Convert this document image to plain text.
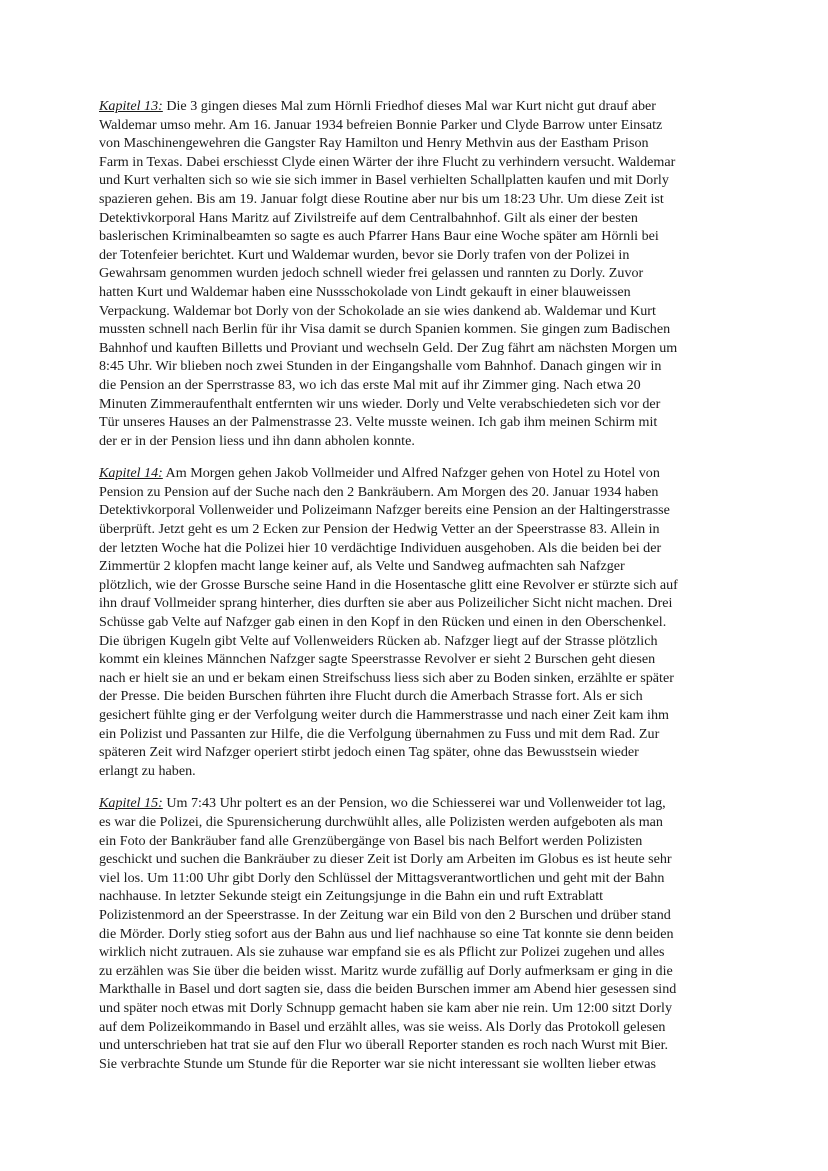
Kapitel 13: Die 3 gingen dieses Mal zum Hörnli Friedhof dieses Mal war Kurt nicht gut drauf aber
Waldemar umso mehr. Am 16. Januar 1934 befreien Bonnie Parker und Clyde Barrow unter Einsatz
von Maschinengewehren die Gangster Ray Hamilton und Henry Methvin aus der Eastham Prison
Farm in Texas. Dabei erschiesst Clyde einen Wärter der ihre Flucht zu verhindern versucht. Waldemar
und Kurt verhalten sich so wie sie sich immer in Basel verhielten Schallplatten kaufen und mit Dorly
spazieren gehen. Bis am 19. Januar folgt diese Routine aber nur bis um 18:23 Uhr. Um diese Zeit ist
Detektivkorporal Hans Maritz auf Zivilstreife auf dem Centralbahnhof. Gilt als einer der besten
baslerischen Kriminalbeamten so sagte es auch Pfarrer Hans Baur eine Woche später am Hörnli bei
der Totenfeier berichtet. Kurt und Waldemar wurden, bevor sie Dorly trafen von der Polizei in
Gewahrsam genommen wurden jedoch schnell wieder frei gelassen und rannten zu Dorly. Zuvor
hatten Kurt und Waldemar haben eine Nussschokolade von Lindt gekauft in einer blauweissen
Verpackung. Waldemar bot Dorly von der Schokolade an sie wies dankend ab. Waldemar und Kurt
mussten schnell nach Berlin für ihr Visa damit se durch Spanien kommen. Sie gingen zum Badischen
Bahnhof und kauften Billetts und Proviant und wechseln Geld. Der Zug fährt am nächsten Morgen um
8:45 Uhr. Wir blieben noch zwei Stunden in der Eingangshalle vom Bahnhof. Danach gingen wir in
die Pension an der Sperrstrasse 83, wo ich das erste Mal mit auf ihr Zimmer ging. Nach etwa 20
Minuten Zimmeraufenthalt entfernten wir uns wieder. Dorly und Velte verabschiedeten sich vor der
Tür unseres Hauses an der Palmenstrasse 23. Velte musste weinen. Ich gab ihm meinen Schirm mit
der er in der Pension liess und ihn dann abholen konnte.
Kapitel 14: Am Morgen gehen Jakob Vollmeider und Alfred Nafzger gehen von Hotel zu Hotel von
Pension zu Pension auf der Suche nach den 2 Bankräubern. Am Morgen des 20. Januar 1934 haben
Detektivkorporal Vollenweider und Polizeimann Nafzger bereits eine Pension an der Haltingerstrasse
überprüft. Jetzt geht es um 2 Ecken zur Pension der Hedwig Vetter an der Speerstrasse 83. Allein in
der letzten Woche hat die Polizei hier 10 verdächtige Individuen ausgehoben. Als die beiden bei der
Zimmertür 2 klopfen macht lange keiner auf, als Velte und Sandweg aufmachten sah Nafzger
plötzlich, wie der Grosse Bursche seine Hand in die Hosentasche glitt eine Revolver er stürzte sich auf
ihn drauf Vollmeider sprang hinterher, dies durften sie aber aus Polizeilicher Sicht nicht machen. Drei
Schüsse gab Velte auf Nafzger gab einen in den Kopf in den Rücken und einen in den Oberschenkel.
Die übrigen Kugeln gibt Velte auf Vollenweiders Rücken ab. Nafzger liegt auf der Strasse plötzlich
kommt ein kleines Männchen Nafzger sagte Speerstrasse Revolver er sieht 2 Burschen geht diesen
nach er hielt sie an und er bekam einen Streifschuss liess sich aber zu Boden sinken, erzählte er später
der Presse. Die beiden Burschen führten ihre Flucht durch die Amerbach Strasse fort. Als er sich
gesichert fühlte ging er der Verfolgung weiter durch die Hammerstrasse und nach einer Zeit kam ihm
ein Polizist und Passanten zur Hilfe, die die Verfolgung übernahmen zu Fuss und mit dem Rad. Zur
späteren Zeit wird Nafzger operiert stirbt jedoch einen Tag später, ohne das Bewusstsein wieder
erlangt zu haben.
Kapitel 15: Um 7:43 Uhr poltert es an der Pension, wo die Schiesserei war und Vollenweider tot lag,
es war die Polizei, die Spurensicherung durchwühlt alles, alle Polizisten werden aufgeboten als man
ein Foto der Bankräuber fand alle Grenzübergänge von Basel bis nach Belfort werden Polizisten
geschickt und suchen die Bankräuber zu dieser Zeit ist Dorly am Arbeiten im Globus es ist heute sehr
viel los. Um 11:00 Uhr gibt Dorly den Schlüssel der Mittagsverantwortlichen und geht mit der Bahn
nachhause. In letzter Sekunde steigt ein Zeitungsjunge in die Bahn ein und ruft Extrablatt
Polizistenmord an der Speerstrasse. In der Zeitung war ein Bild von den 2 Burschen und drüber stand
die Mörder. Dorly stieg sofort aus der Bahn aus und lief nachhause so eine Tat konnte sie denn beiden
wirklich nicht zutrauen. Als sie zuhause war empfand sie es als Pflicht zur Polizei zugehen und alles
zu erzählen was Sie über die beiden wisst. Maritz wurde zufällig auf Dorly aufmerksam er ging in die
Markthalle in Basel und dort sagten sie, dass die beiden Burschen immer am Abend hier gesessen sind
und später noch etwas mit Dorly Schnupp gemacht haben sie kam aber nie rein. Um 12:00 sitzt Dorly
auf dem Polizeikommando in Basel und erzählt alles, was sie weiss. Als Dorly das Protokoll gelesen
und unterschrieben hat trat sie auf den Flur wo überall Reporter standen es roch nach Wurst mit Bier.
Sie verbrachte Stunde um Stunde für die Reporter war sie nicht interessant sie wollten lieber etwas
